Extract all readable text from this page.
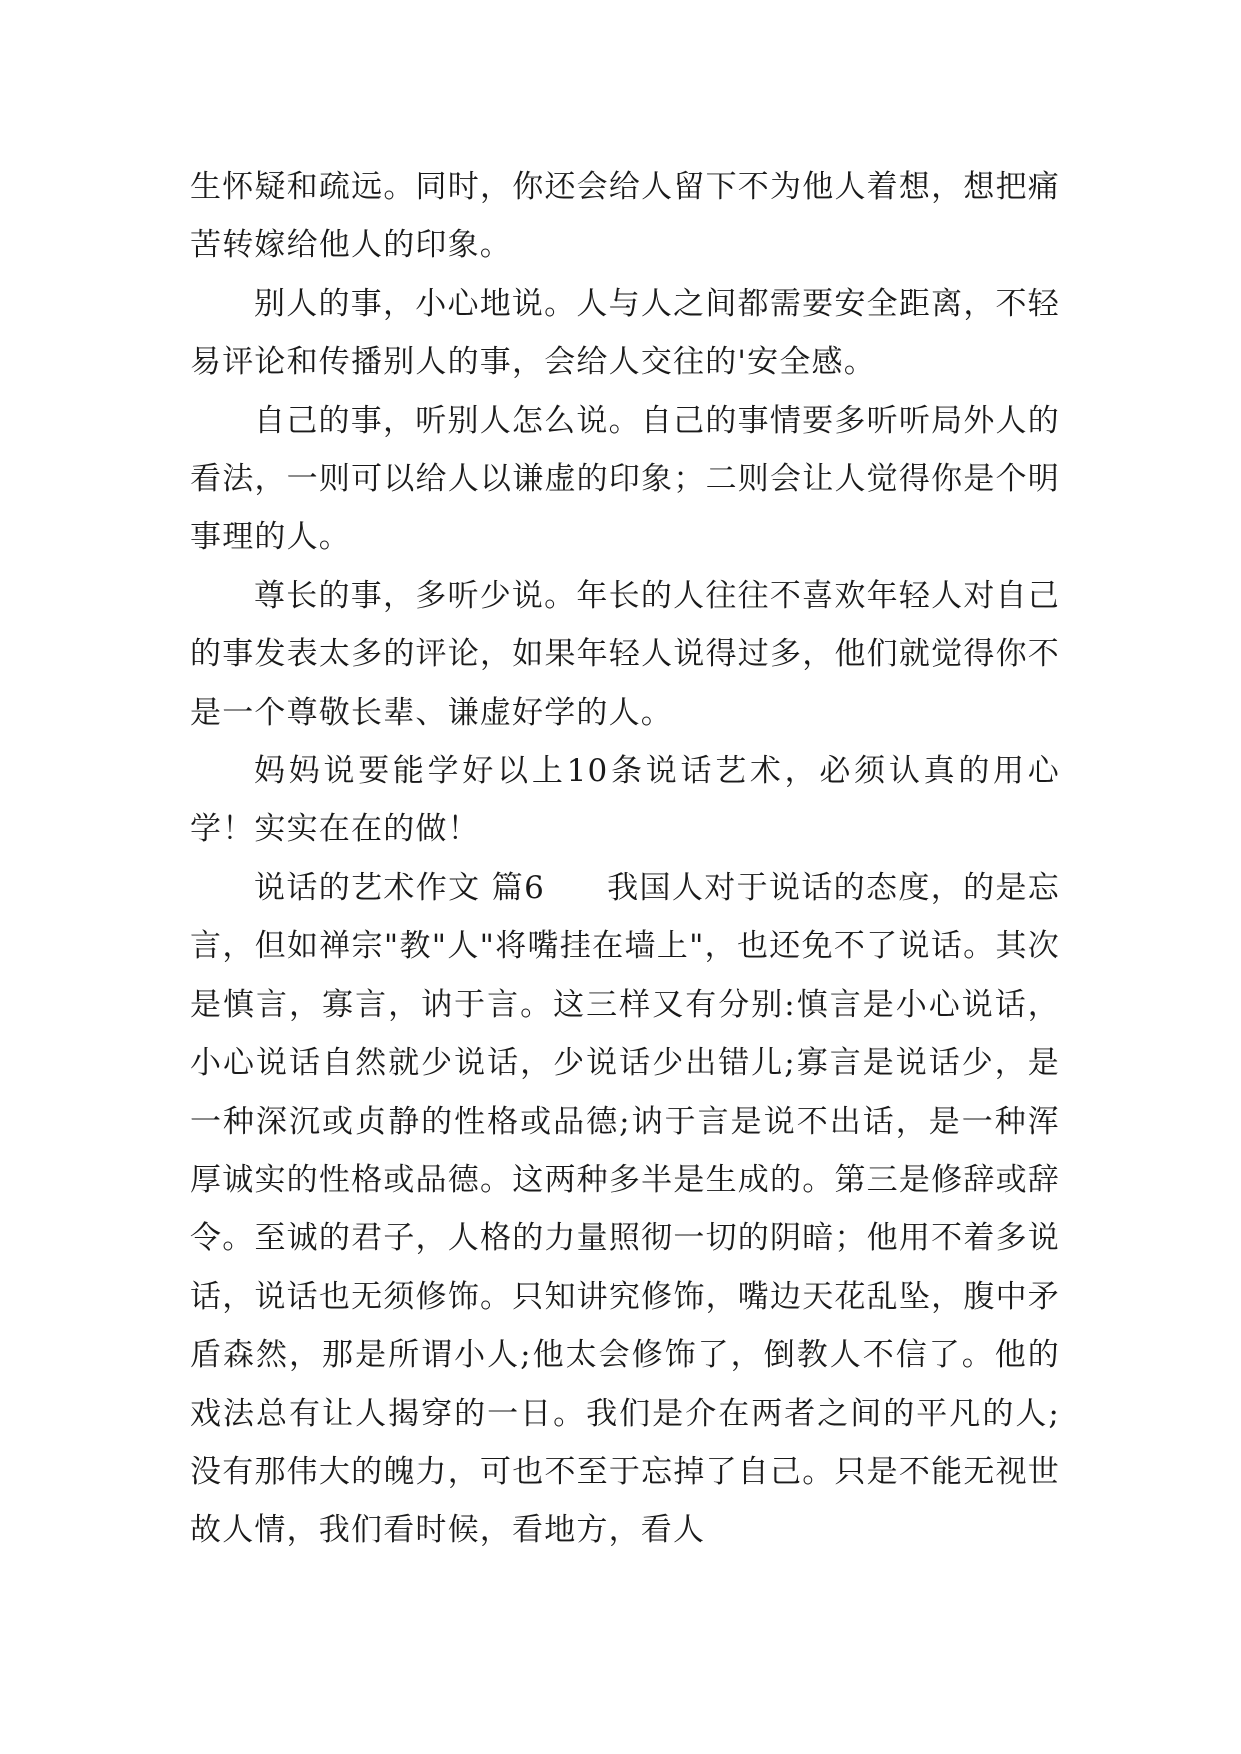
生怀疑和疏远。同时，你还会给人留下不为他人着想，想把痛苦转嫁给他人的印象。

别人的事，小心地说。人与人之间都需要安全距离，不轻易评论和传播别人的事，会给人交往的'安全感。

自己的事，听别人怎么说。自己的事情要多听听局外人的看法，一则可以给人以谦虚的印象；二则会让人觉得你是个明事理的人。

尊长的事，多听少说。年长的人往往不喜欢年轻人对自己的事发表太多的评论，如果年轻人说得过多，他们就觉得你不是一个尊敬长辈、谦虚好学的人。

妈妈说要能学好以上10条说话艺术，必须认真的用心学！实实在在的做！

说话的艺术作文 篇6 我国人对于说话的态度，的是忘言，但如禅宗"教"人"将嘴挂在墙上"，也还免不了说话。其次是慎言，寡言，讷于言。这三样又有分别:慎言是小心说话，小心说话自然就少说话，少说话少出错儿;寡言是说话少，是一种深沉或贞静的性格或品德;讷于言是说不出话，是一种浑厚诚实的性格或品德。这两种多半是生成的。第三是修辞或辞令。至诚的君子，人格的力量照彻一切的阴暗；他用不着多说话，说话也无须修饰。只知讲究修饰，嘴边天花乱坠，腹中矛盾森然，那是所谓小人;他太会修饰了，倒教人不信了。他的戏法总有让人揭穿的一日。我们是介在两者之间的平凡的人;没有那伟大的魄力，可也不至于忘掉了自己。只是不能无视世故人情，我们看时候，看地方，看人
